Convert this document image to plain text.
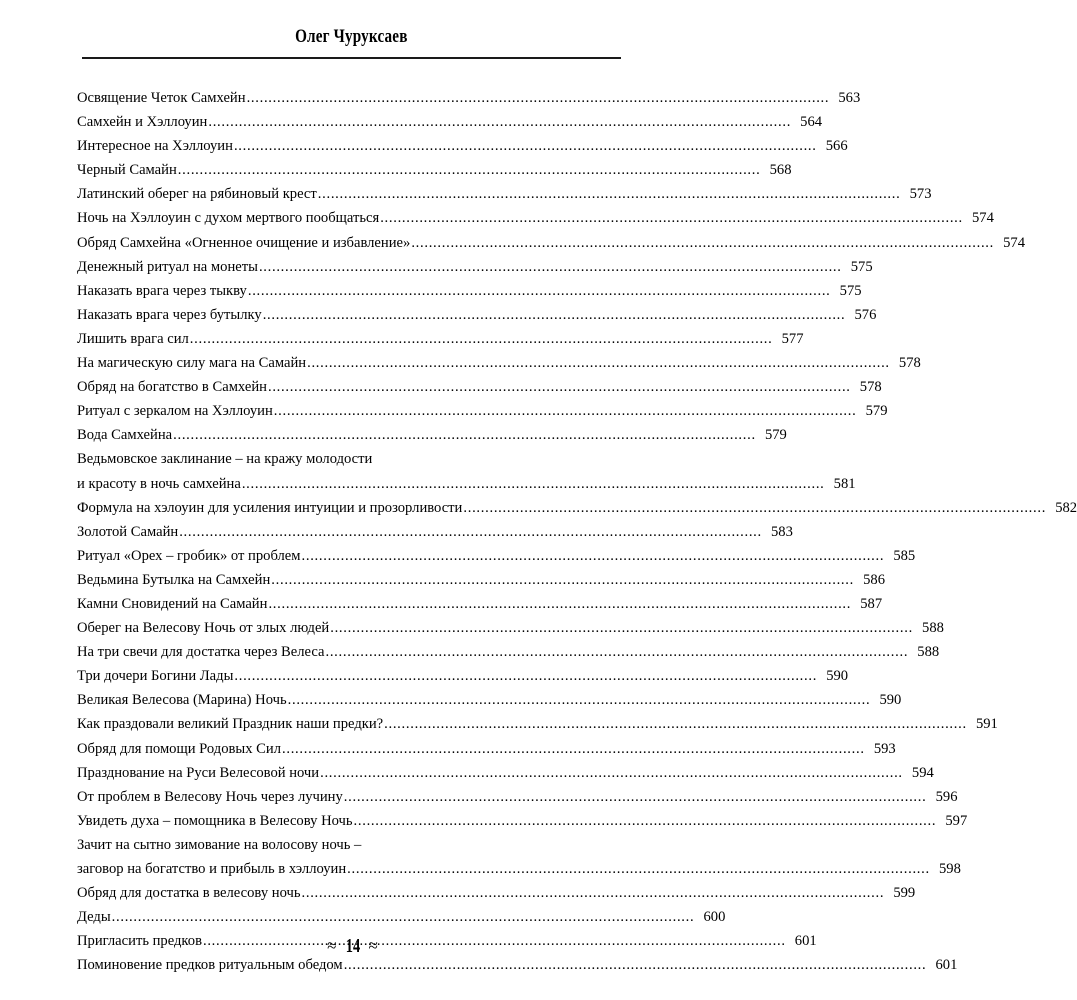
Олег Чуруксаев
Освящение Четок Самхейн .....	563
Самхейн и Хэллоуин .....	564
Интересное на Хэллоуин .....	566
Черный Самайн .....	568
Латинский оберег на рябиновый крест .....	573
Ночь на Хэллоуин с духом мертвого пообщаться .....	574
Обряд Самхейна «Огненное очищение и избавление» .....	574
Денежный ритуал на монеты .....	575
Наказать врага через тыкву .....	575
Наказать врага через бутылку .....	576
Лишить врага сил .....	577
На магическую силу мага на Самайн .....	578
Обряд на богатство в Самхейн .....	578
Ритуал с зеркалом на Хэллоуин .....	579
Вода Самхейна .....	579
Ведьмовское заклинание – на кражу молодости
и красоту в ночь самхейна .....	581
Формула на хэлоуин для усиления интуиции и прозорливости .....	582
Золотой Самайн .....	583
Ритуал «Орех – гробик» от проблем .....	585
Ведьмина Бутылка на Самхейн .....	586
Камни Сновидений на Самайн .....	587
Оберег на Велесову Ночь от злых людей .....	588
На три свечи для достатка через Велеса .....	588
Три дочери Богини Лады .....	590
Великая Велесова (Марина) Ночь .....	590
Как праздовали великий Праздник наши предки? .....	591
Обряд для помощи Родовых Сил .....	593
Празднование на Руси Велесовой ночи .....	594
От проблем в Велесову Ночь через лучину .....	596
Увидеть духа – помощника в Велесову Ночь .....	597
Зачит на сытно зимование на волосову ночь –
заговор на богатство и прибыль в хэллоуин .....	598
Обряд для достатка в велесову ночь .....	599
Деды .....	600
Пригласить предков .....	601
Поминовение предков ритуальным обедом .....	601
≈ 14 ≈
